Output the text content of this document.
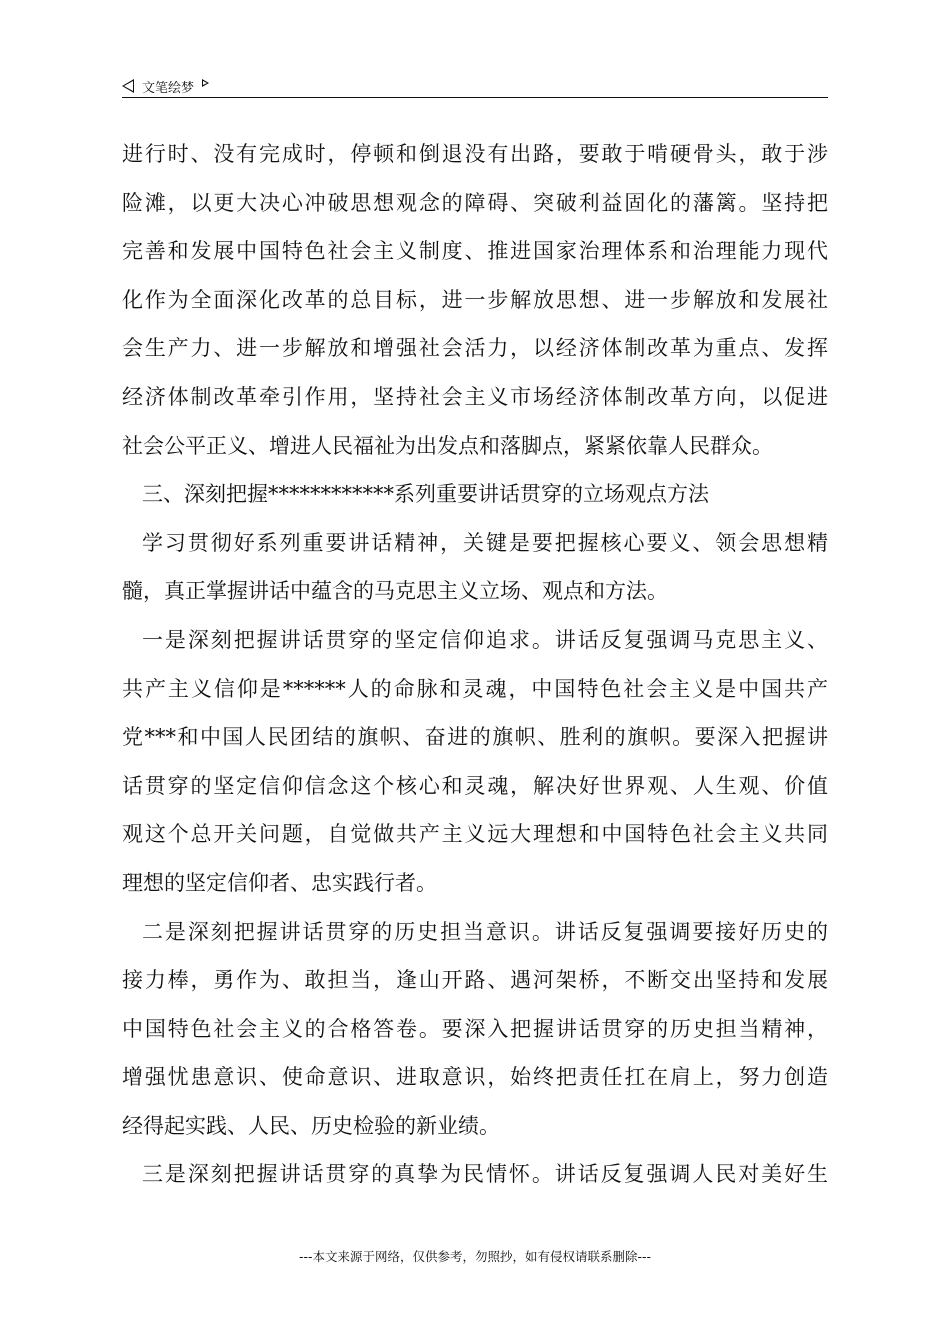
文笔绘梦
进行时、没有完成时，停顿和倒退没有出路，要敢于啃硬骨头，敢于涉
险滩，以更大决心冲破思想观念的障碍、突破利益固化的藩篱。坚持把
完善和发展中国特色社会主义制度、推进国家治理体系和治理能力现代
化作为全面深化改革的总目标，进一步解放思想、进一步解放和发展社
会生产力、进一步解放和增强社会活力，以经济体制改革为重点、发挥
经济体制改革牵引作用，坚持社会主义市场经济体制改革方向，以促进
社会公平正义、增进人民福祉为出发点和落脚点，紧紧依靠人民群众。
三、深刻把握************系列重要讲话贯穿的立场观点方法
学习贯彻好系列重要讲话精神，关键是要把握核心要义、领会思想精
髓，真正掌握讲话中蕴含的马克思主义立场、观点和方法。
一是深刻把握讲话贯穿的坚定信仰追求。讲话反复强调马克思主义、
共产主义信仰是******人的命脉和灵魂，中国特色社会主义是中国共产
党***和中国人民团结的旗帜、奋进的旗帜、胜利的旗帜。要深入把握讲
话贯穿的坚定信仰信念这个核心和灵魂，解决好世界观、人生观、价值
观这个总开关问题，自觉做共产主义远大理想和中国特色社会主义共同
理想的坚定信仰者、忠实践行者。
二是深刻把握讲话贯穿的历史担当意识。讲话反复强调要接好历史的
接力棒，勇作为、敢担当，逢山开路、遇河架桥，不断交出坚持和发展
中国特色社会主义的合格答卷。要深入把握讲话贯穿的历史担当精神，
增强忧患意识、使命意识、进取意识，始终把责任扛在肩上，努力创造
经得起实践、人民、历史检验的新业绩。
三是深刻把握讲话贯穿的真挚为民情怀。讲话反复强调人民对美好生
---本文来源于网络，仅供参考，勿照抄，如有侵权请联系删除---
